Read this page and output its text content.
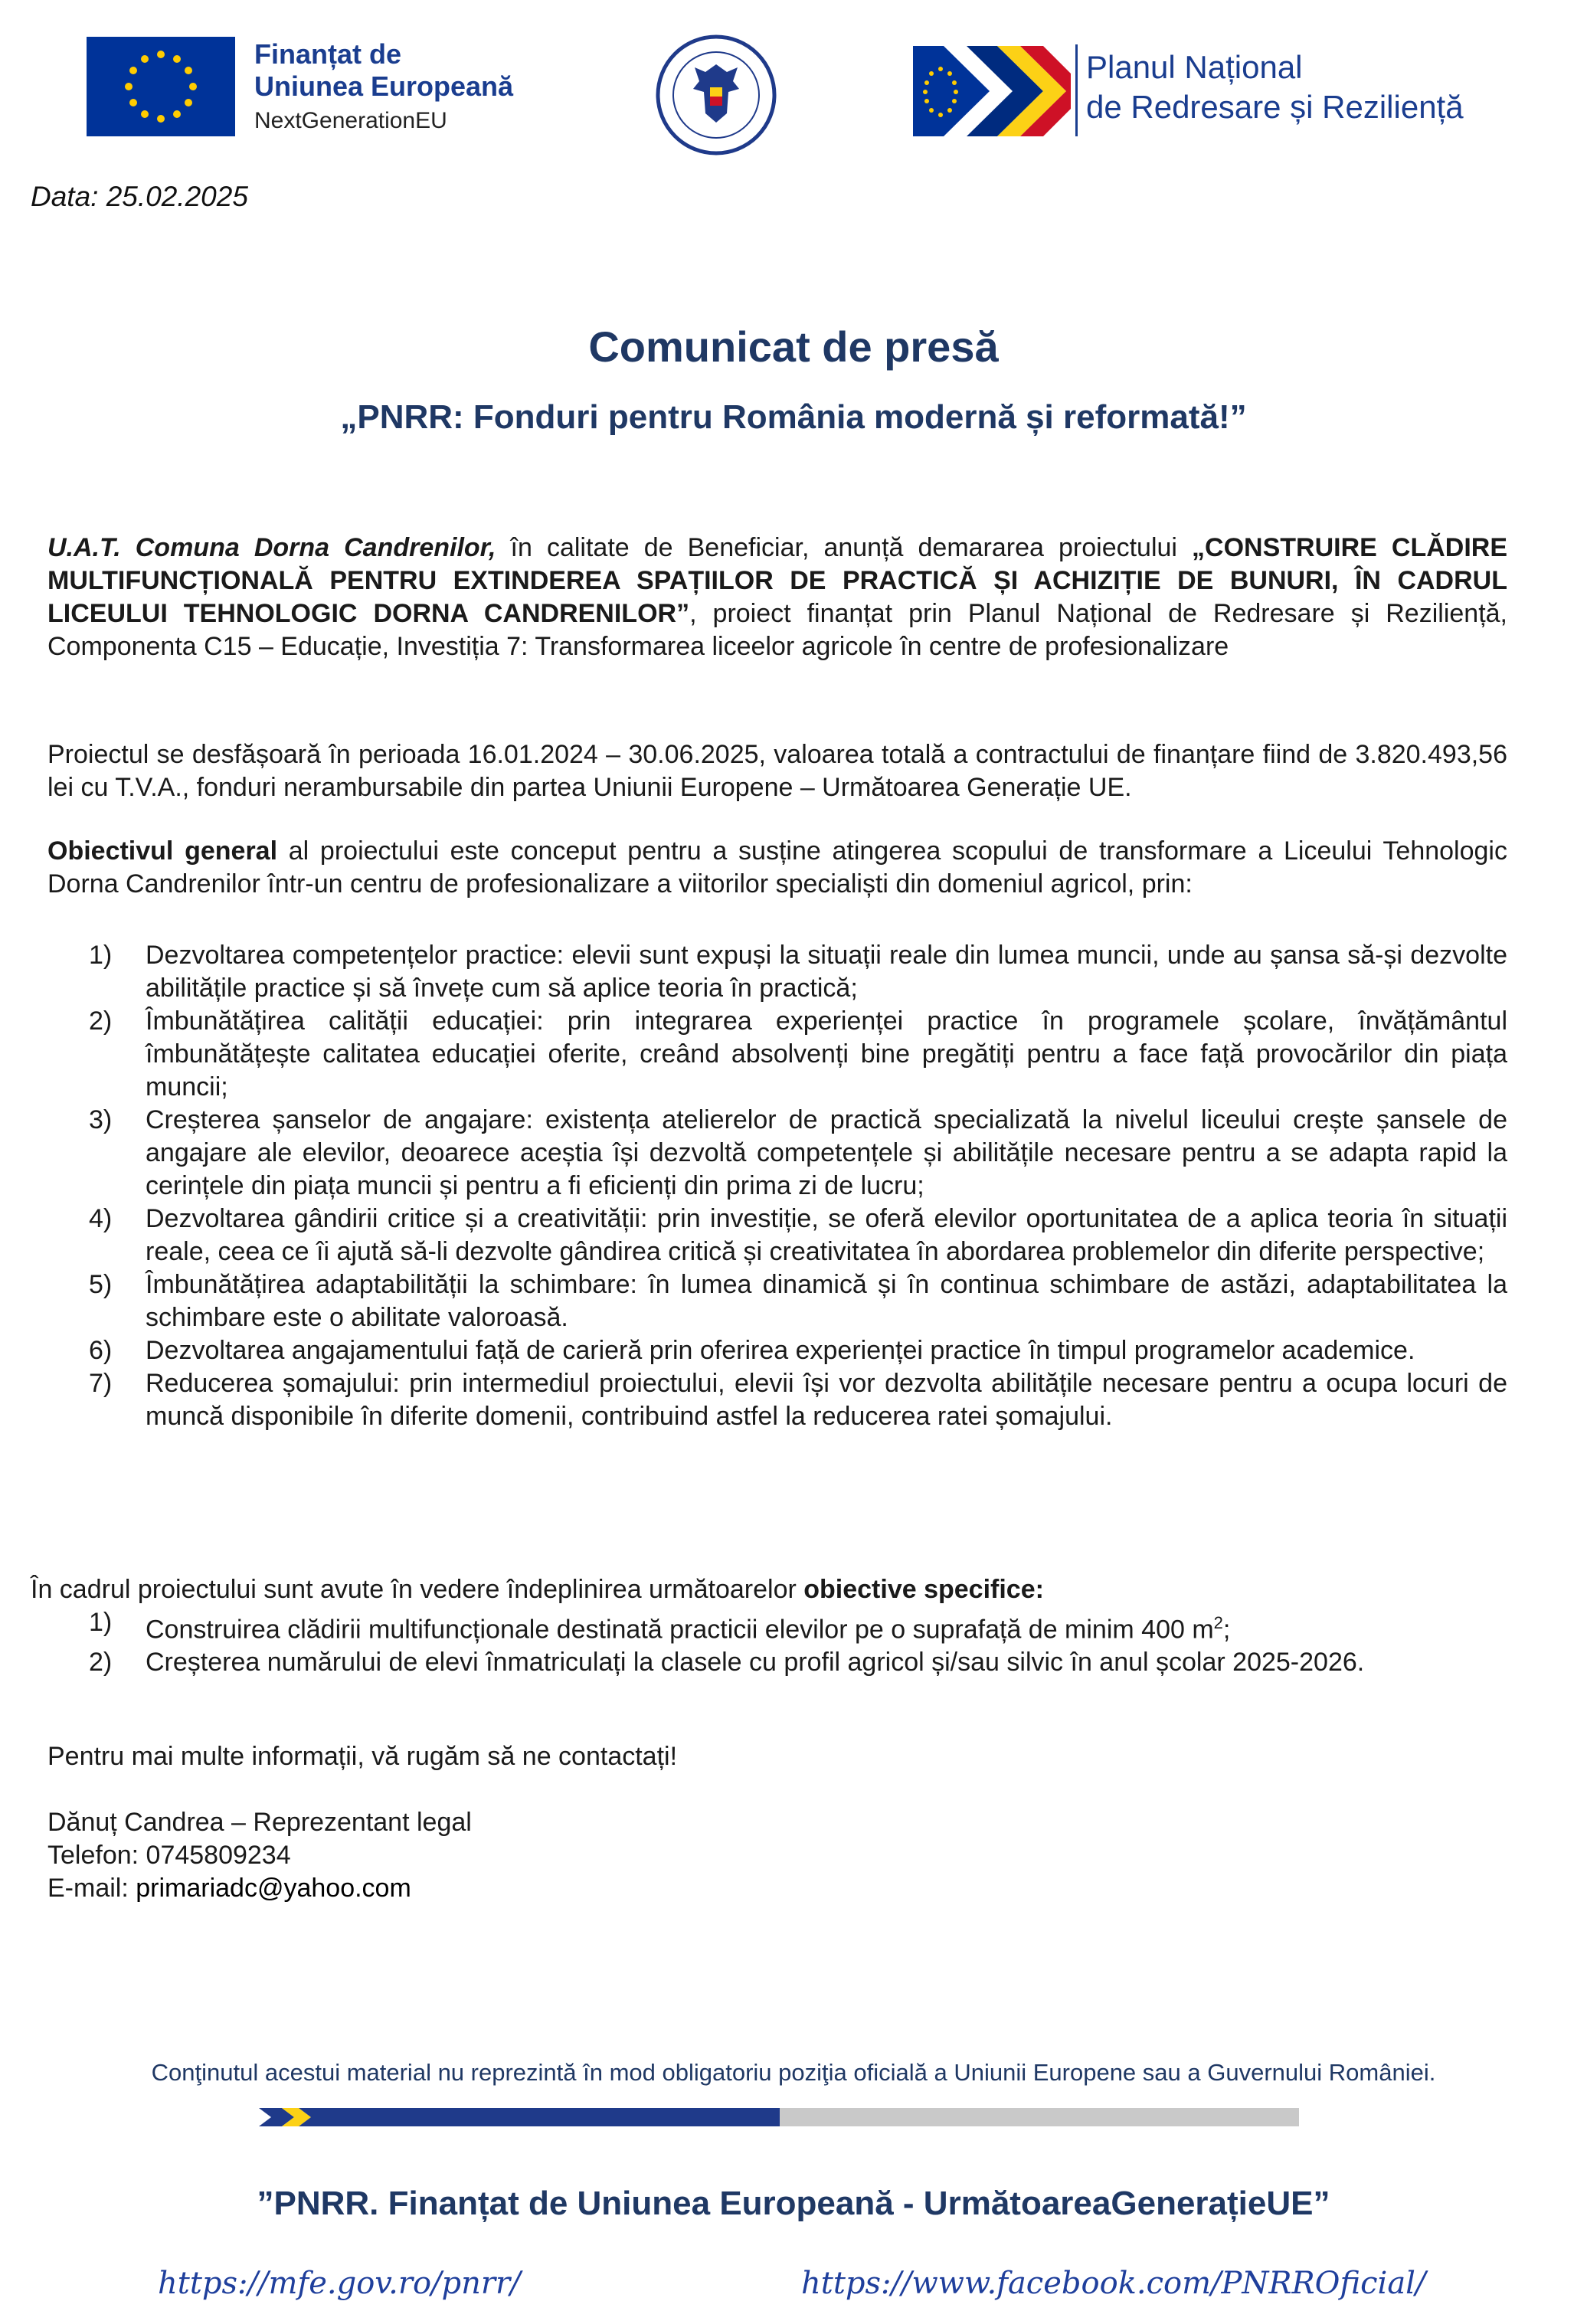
Finanțat de
Uniunea Europeană
NextGenerationEU
Planul Național
de Redresare și Reziliență
Data: 25.02.2025
Comunicat de presă
„PNRR: Fonduri pentru România modernă și reformată!”
U.A.T. Comuna Dorna Candrenilor, în calitate de Beneficiar, anunță demararea proiectului „CONSTRUIRE CLĂDIRE MULTIFUNCȚIONALĂ PENTRU EXTINDEREA SPAȚIILOR DE PRACTICĂ ȘI ACHIZIȚIE DE BUNURI, ÎN CADRUL LICEULUI TEHNOLOGIC DORNA CANDRENILOR”, proiect finanțat prin Planul Național de Redresare și Reziliență, Componenta C15 – Educație, Investiția 7: Transformarea liceelor agricole în centre de profesionalizare
Proiectul se desfășoară în perioada 16.01.2024 – 30.06.2025, valoarea totală a contractului de finanțare fiind de 3.820.493,56 lei cu T.V.A., fonduri nerambursabile din partea Uniunii Europene – Următoarea Generație UE.
Obiectivul general al proiectului este conceput pentru a susține atingerea scopului de transformare a Liceului Tehnologic Dorna Candrenilor într-un centru de profesionalizare a viitorilor specialiști din domeniul agricol, prin:
1) Dezvoltarea competențelor practice: elevii sunt expuși la situații reale din lumea muncii, unde au șansa să-și dezvolte abilitățile practice și să învețe cum să aplice teoria în practică;
2) Îmbunătățirea calității educației: prin integrarea experienței practice în programele școlare, învățământul îmbunătățește calitatea educației oferite, creând absolvenți bine pregătiți pentru a face față provocărilor din piața muncii;
3) Creșterea șanselor de angajare: existența atelierelor de practică specializată la nivelul liceului crește șansele de angajare ale elevilor, deoarece aceștia își dezvoltă competențele și abilitățile necesare pentru a se adapta rapid la cerințele din piața muncii și pentru a fi eficienți din prima zi de lucru;
4) Dezvoltarea gândirii critice și a creativității: prin investiție, se oferă elevilor oportunitatea de a aplica teoria în situații reale, ceea ce îi ajută să-li dezvolte gândirea critică și creativitatea în abordarea problemelor din diferite perspective;
5) Îmbunătățirea adaptabilității la schimbare: în lumea dinamică și în continua schimbare de astăzi, adaptabilitatea la schimbare este o abilitate valoroasă.
6) Dezvoltarea angajamentului față de carieră prin oferirea experienței practice în timpul programelor academice.
7) Reducerea șomajului: prin intermediul proiectului, elevii își vor dezvolta abilitățile necesare pentru a ocupa locuri de muncă disponibile în diferite domenii, contribuind astfel la reducerea ratei șomajului.
În cadrul proiectului sunt avute în vedere îndeplinirea următoarelor obiective specifice:
1) Construirea clădirii multifuncționale destinată practicii elevilor pe o suprafață de minim 400 $m^2$;
2) Creșterea numărului de elevi înmatriculați la clasele cu profil agricol și/sau silvic în anul școlar 2025-2026.
Pentru mai multe informații, vă rugăm să ne contactați!
Dănuț Candrea – Reprezentant legal
Telefon: 0745809234
E-mail: primariadc@yahoo.com
Conţinutul acestui material nu reprezintă în mod obligatoriu poziţia oficială a Uniunii Europene sau a Guvernului României.
”PNRR. Finanțat de Uniunea Europeană - UrmătoareaGenerațieUE”
https://mfe.gov.ro/pnrr/	https://www.facebook.com/PNRROficial/
